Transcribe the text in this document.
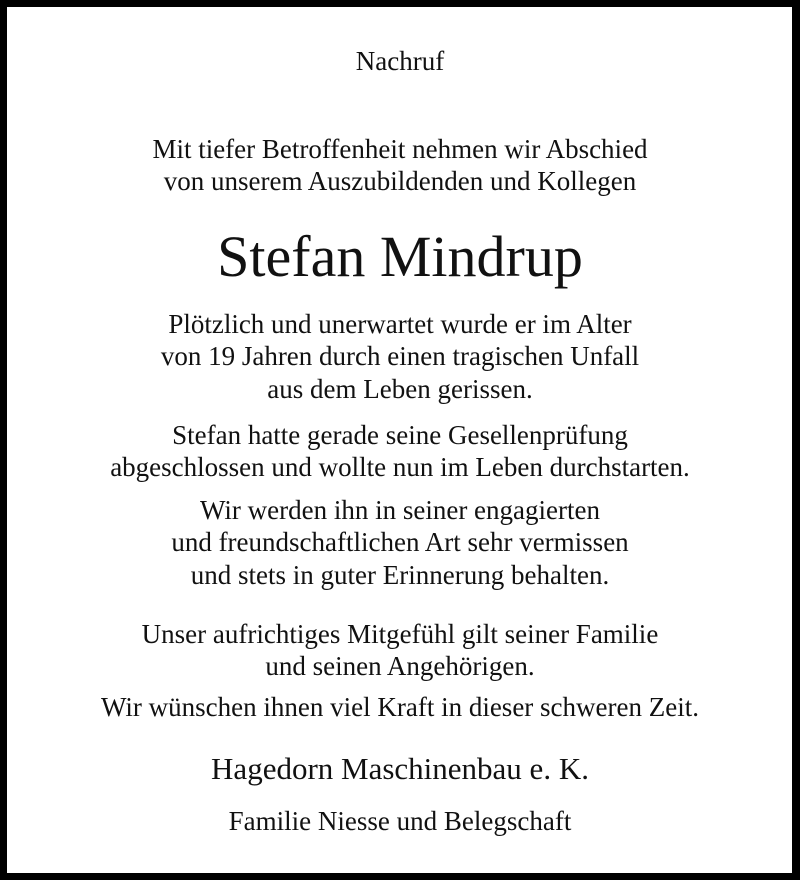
Nachruf
Mit tiefer Betroffenheit nehmen wir Abschied
von unserem Auszubildenden und Kollegen
Stefan Mindrup
Plötzlich und unerwartet wurde er im Alter
von 19 Jahren durch einen tragischen Unfall
aus dem Leben gerissen.
Stefan hatte gerade seine Gesellenprüfung
abgeschlossen und wollte nun im Leben durchstarten.
Wir werden ihn in seiner engagierten
und freundschaftlichen Art sehr vermissen
und stets in guter Erinnerung behalten.
Unser aufrichtiges Mitgefühl gilt seiner Familie
und seinen Angehörigen.
Wir wünschen ihnen viel Kraft in dieser schweren Zeit.
Hagedorn Maschinenbau e. K.
Familie Niesse und Belegschaft
